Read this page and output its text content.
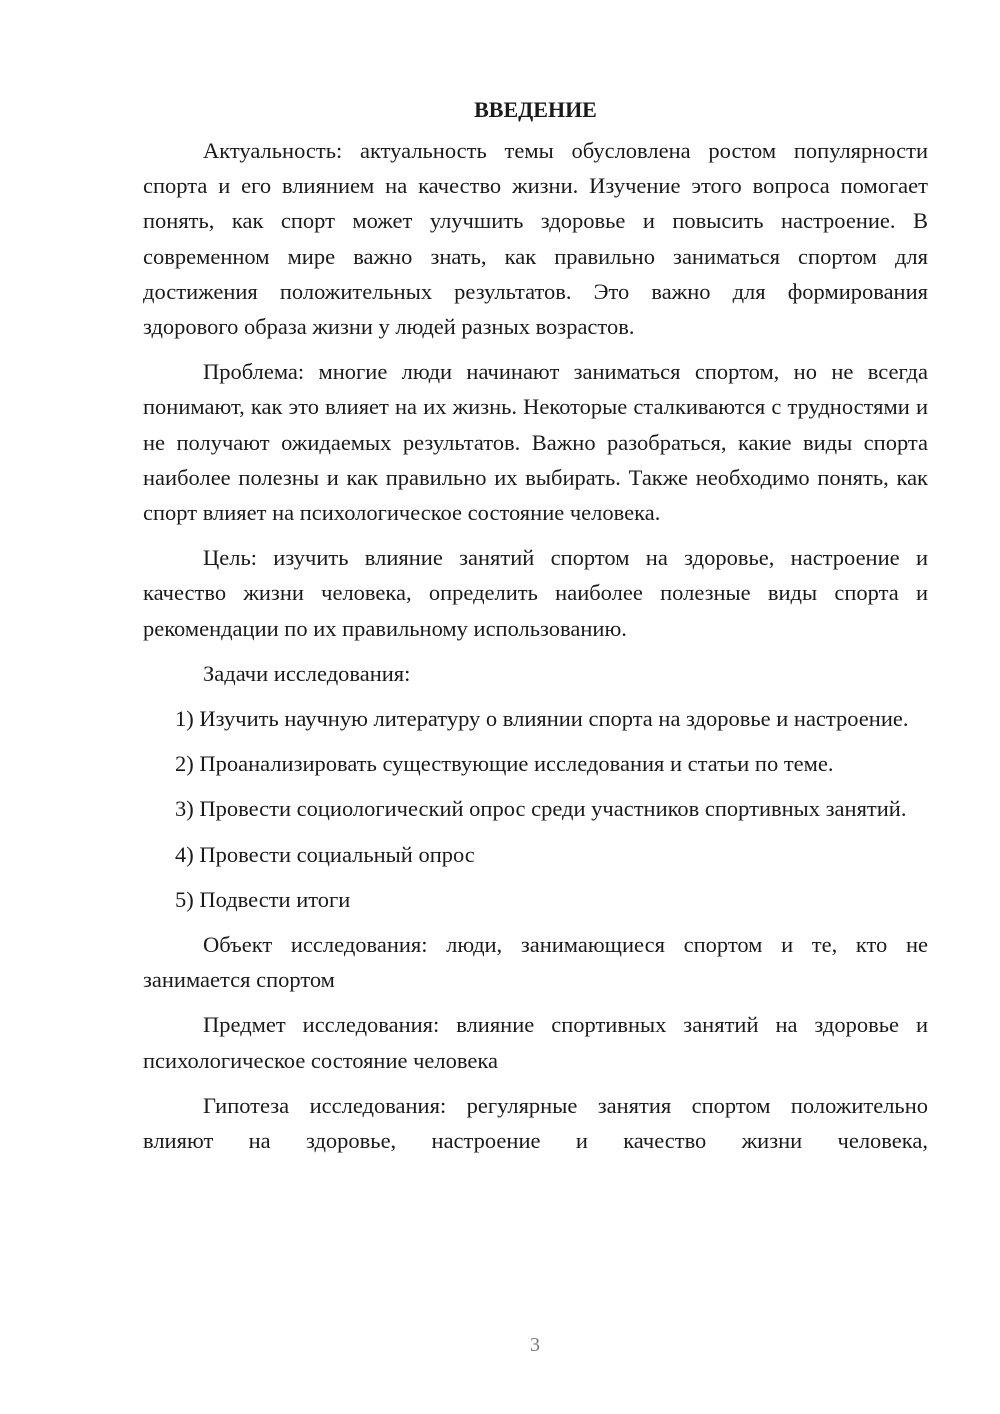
ВВЕДЕНИЕ

Актуальность: актуальность темы обусловлена ростом популярности спорта и его влиянием на качество жизни. Изучение этого вопроса помогает понять, как спорт может улучшить здоровье и повысить настроение. В современном мире важно знать, как правильно заниматься спортом для достижения положительных результатов. Это важно для формирования здорового образа жизни у людей разных возрастов.

Проблема: многие люди начинают заниматься спортом, но не всегда понимают, как это влияет на их жизнь. Некоторые сталкиваются с трудностями и не получают ожидаемых результатов. Важно разобраться, какие виды спорта наиболее полезны и как правильно их выбирать. Также необходимо понять, как спорт влияет на психологическое состояние человека.

Цель: изучить влияние занятий спортом на здоровье, настроение и качество жизни человека, определить наиболее полезные виды спорта и рекомендации по их правильному использованию.

Задачи исследования:

1) Изучить научную литературу о влиянии спорта на здоровье и настроение.

2) Проанализировать существующие исследования и статьи по теме.

3) Провести социологический опрос среди участников спортивных занятий.

4) Провести социальный опрос

5) Подвести итоги

Объект исследования: люди, занимающиеся спортом и те, кто не занимается спортом

Предмет исследования: влияние спортивных занятий на здоровье и психологическое состояние человека

Гипотеза исследования: регулярные занятия спортом положительно влияют на здоровье, настроение и качество жизни человека,

3
